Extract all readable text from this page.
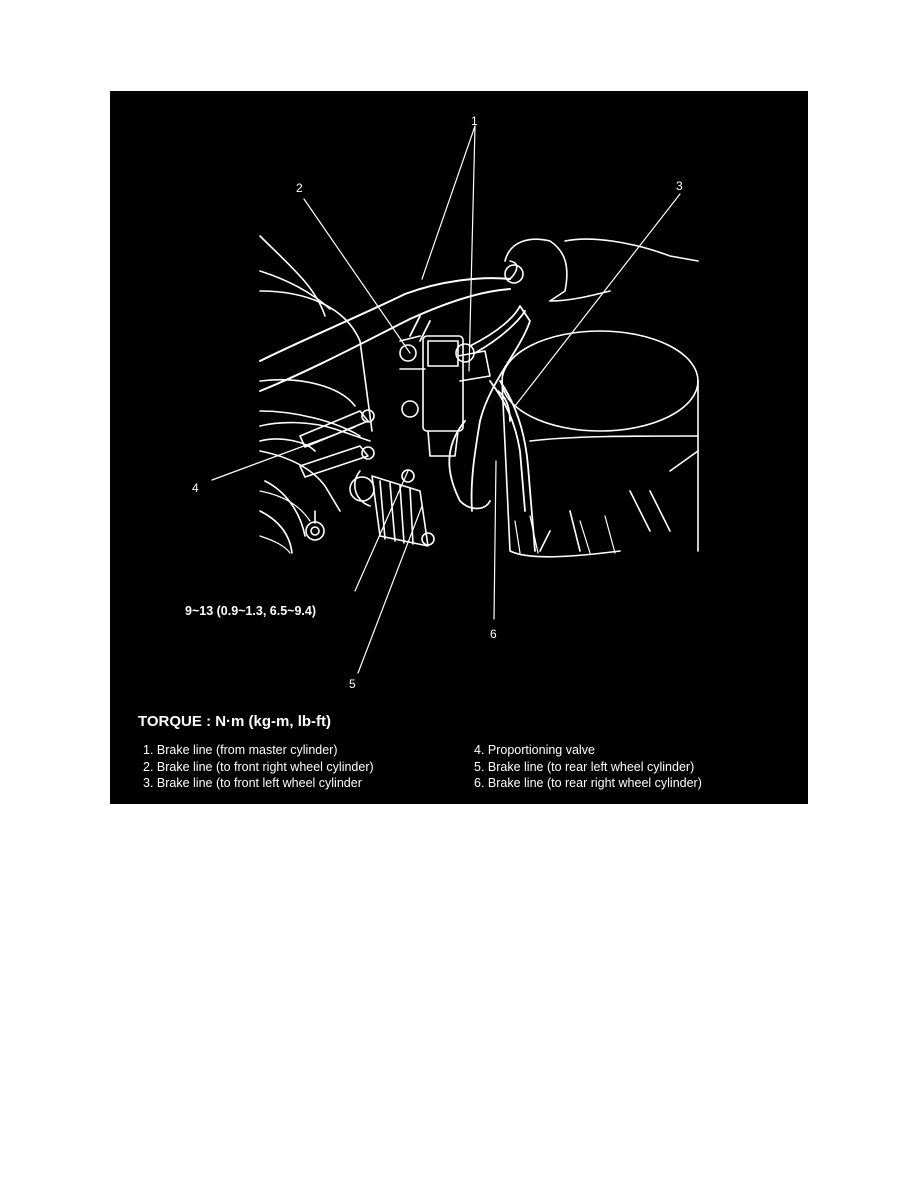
1
2	3
4
5
6
9~13 (0.9~1.3, 6.5~9.4)
TORQUE : N·m (kg-m, lb-ft)
1. Brake line (from master cylinder)
2. Brake line (to front right wheel cylinder)
3. Brake line (to front left wheel cylinder
4. Proportioning valve
5. Brake line (to rear left wheel cylinder)
6. Brake line (to rear right wheel cylinder)
